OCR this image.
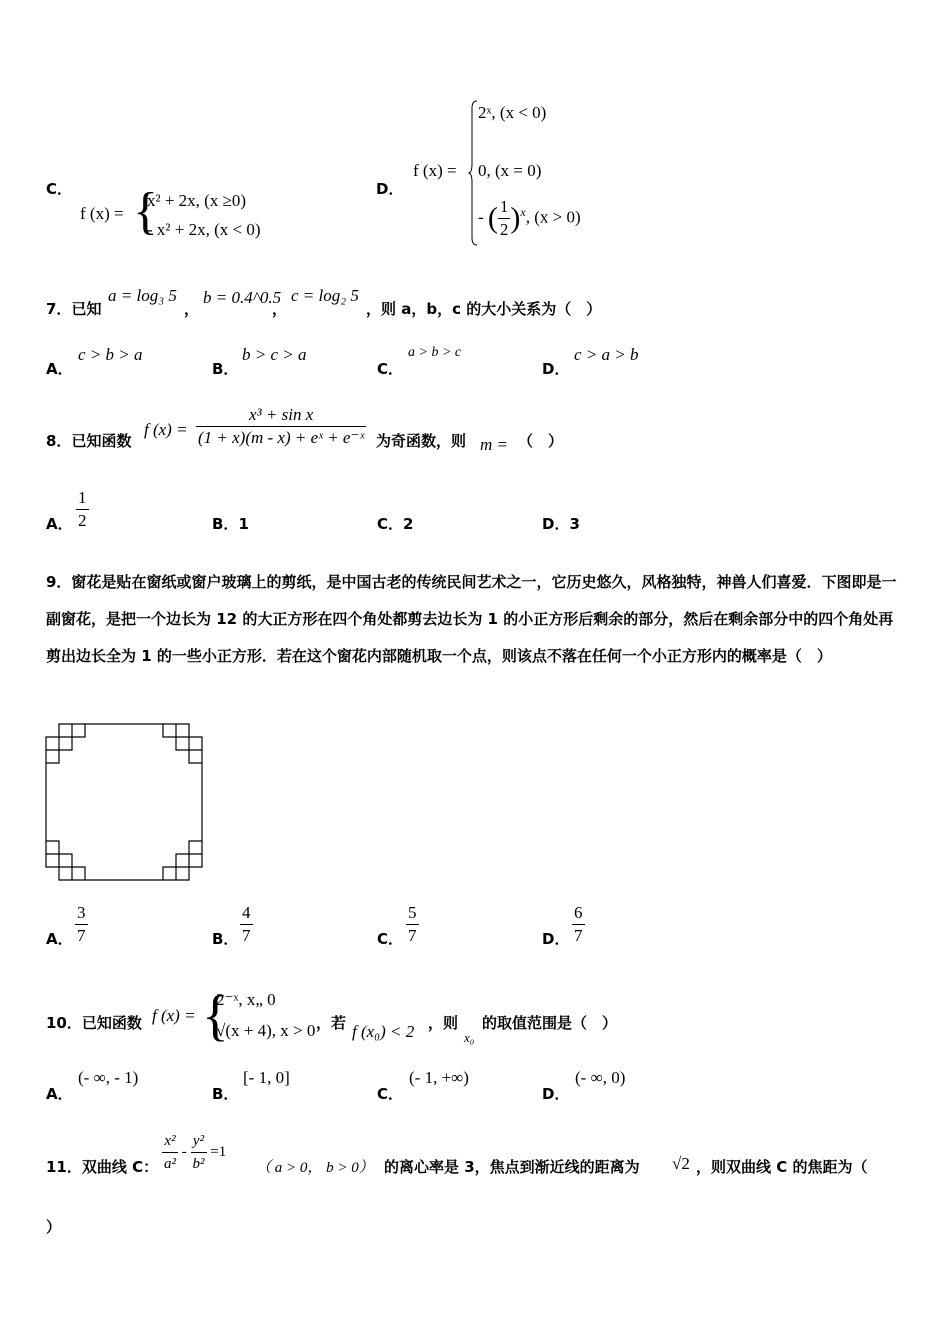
C．
f (x) = {
x² + 2x, (x ≥0)
- x² + 2x, (x < 0)
D．
f (x) =
2ˣ, (x < 0)
0, (x = 0)
- ( $\frac{1}{2} )^x$, (x > 0)
7．已知
a = log₃ 5
，
b = 0.4^0.5
，
c = log₂ 5
，则 a，b，c 的大小关系为（　）
A．
c > b > a
B．
b > c > a
C．
a > b > c
D．
c > a > b
8．已知函数
f $(x) = \frac{\text{x³ + sin x}}{\text{(1 + x)(m - x) + eˣ + e⁻ˣ}}$ 为奇函数，则 m = （　）
A． $\frac{1}{2}$	B．1	C．2	D．3
9．窗花是贴在窗纸或窗户玻璃上的剪纸，是中国古老的传统民间艺术之一，它历史悠久，风格独特，神兽人们喜爱．下图即是一副窗花，是把一个边长为 12 的大正方形在四个角处都剪去边长为 1 的小正方形后剩余的部分，然后在剩余部分中的四个角处再剪出边长全为 1 的一些小正方形．若在这个窗花内部随机取一个点，则该点不落在任何一个小正方形内的概率是（　）
A． $\frac{3}{7}$	B． $\frac{4}{7}$	C． $\frac{5}{7}$	D． $\frac{6}{7}$
10．已知函数 f (x) = {
2⁻ˣ, x„ 0
√(x + 4), x > 0 ，若 f (x₀) < 2 ，则
x₀
的取值范围是（　）
A．
(- ∞, - 1)
B．
[- 1, 0]
C．
(- 1, +∞)
D．
(- ∞, 0)
11．双曲线 C： $\frac{\text{x²}}{\text{a²}} - \frac{\text{y²}}{\text{b²}} =1$
（ a > 0， b > 0） 的离心率是 3，焦点到渐近线的距离为 √2 ，则双曲线 C 的焦距为（
）
